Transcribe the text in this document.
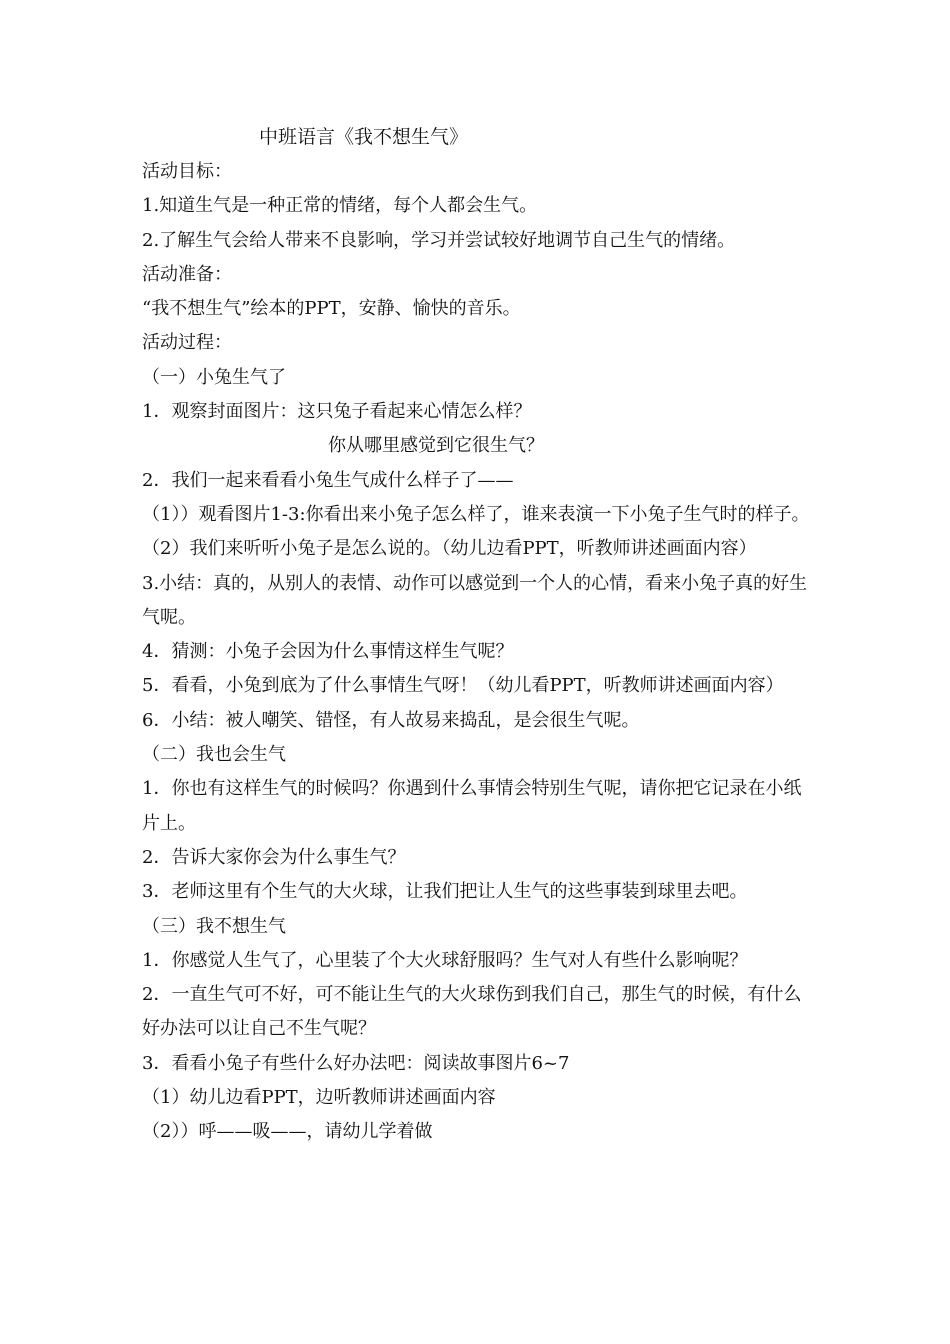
中班语言《我不想生气》
活动目标：
1.知道生气是一种正常的情绪，每个人都会生气。
2.了解生气会给人带来不良影响，学习并尝试较好地调节自己生气的情绪。
活动准备：
“我不想生气”绘本的PPT，安静、愉快的音乐。
活动过程：
（一）小兔生气了
1．观察封面图片：这只兔子看起来心情怎么样？
你从哪里感觉到它很生气？
2．我们一起来看看小兔生气成什么样子了——
（1））观看图片1-3:你看出来小兔子怎么样了，谁来表演一下小兔子生气时的样子。
（2）我们来听听小兔子是怎么说的。（幼儿边看PPT，听教师讲述画面内容）
3.小结：真的，从别人的表情、动作可以感觉到一个人的心情，看来小兔子真的好生气呢。
4．猜测：小兔子会因为什么事情这样生气呢？
5．看看，小兔到底为了什么事情生气呀！（幼儿看PPT，听教师讲述画面内容）
6．小结：被人嘲笑、错怪，有人故易来捣乱，是会很生气呢。
（二）我也会生气
1．你也有这样生气的时候吗？你遇到什么事情会特别生气呢，请你把它记录在小纸片上。
2．告诉大家你会为什么事生气？
3．老师这里有个生气的大火球，让我们把让人生气的这些事装到球里去吧。
（三）我不想生气
1．你感觉人生气了，心里装了个大火球舒服吗？生气对人有些什么影响呢？
2．一直生气可不好，可不能让生气的大火球伤到我们自己，那生气的时候，有什么好办法可以让自己不生气呢？
3．看看小兔子有些什么好办法吧：阅读故事图片6~7
（1）幼儿边看PPT，边听教师讲述画面内容
（2））呼——吸——，请幼儿学着做
